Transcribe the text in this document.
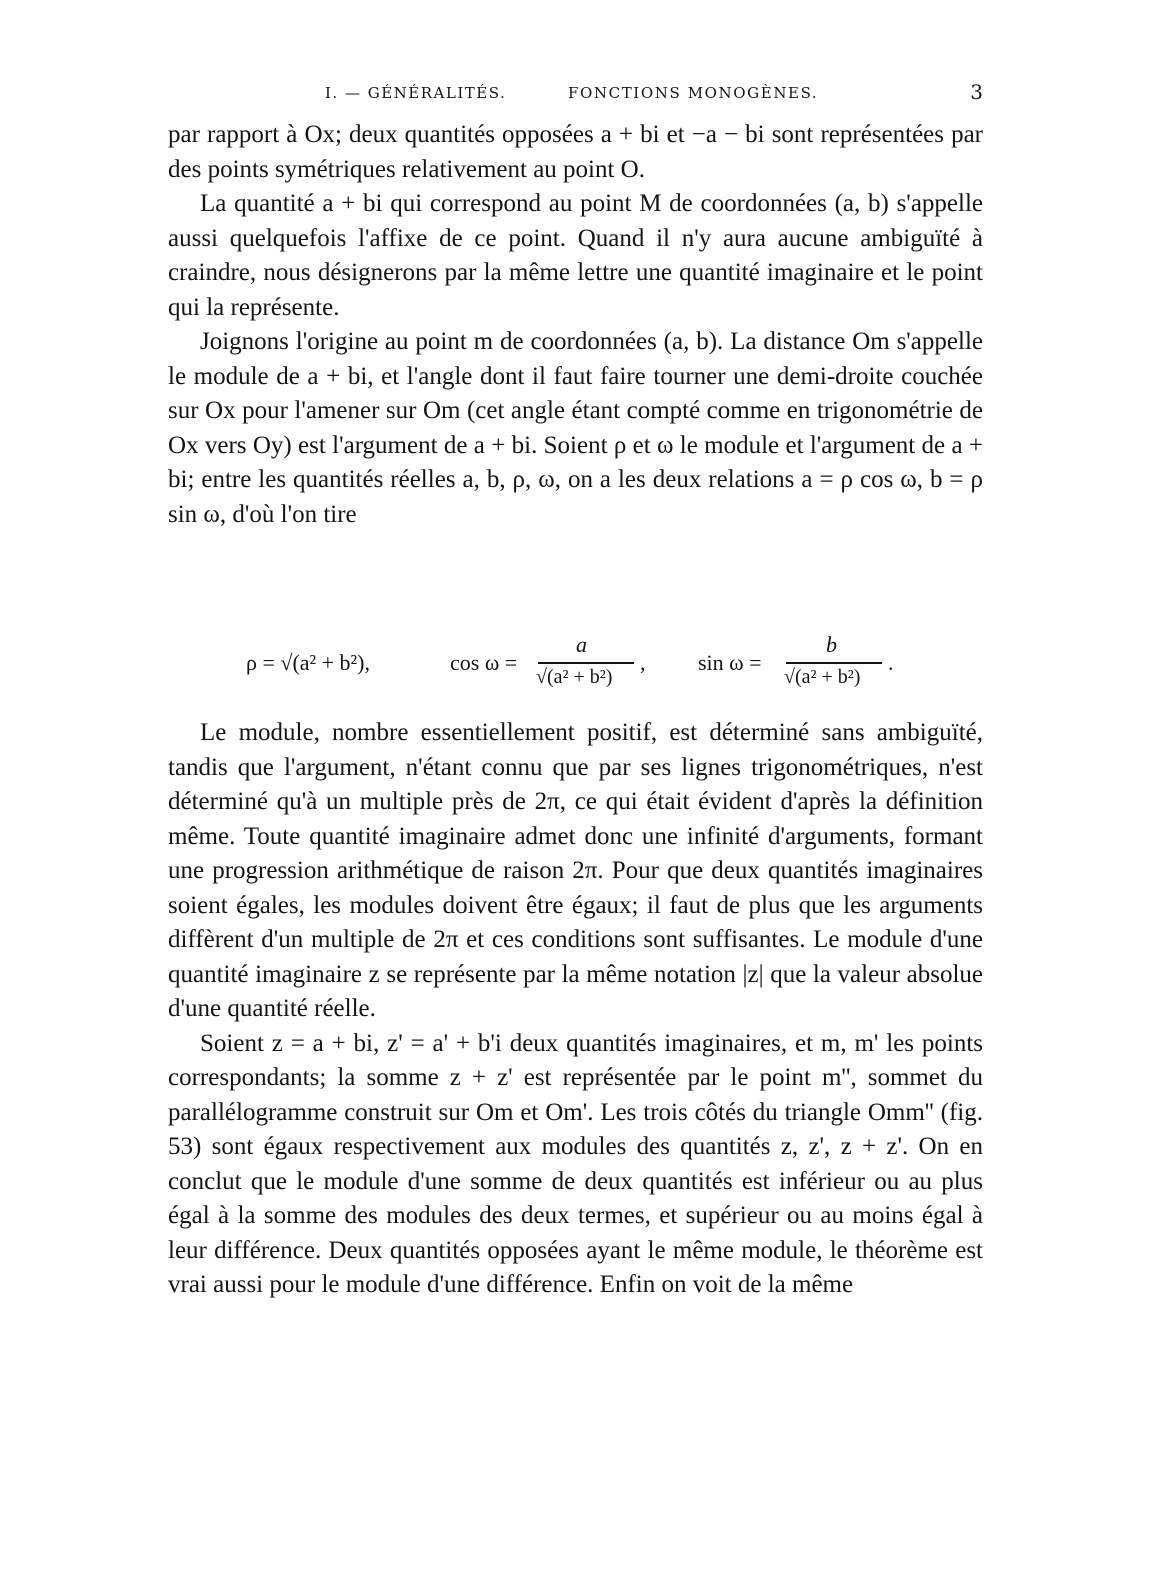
I. — GÉNÉRALITÉS.	FONCTIONS MONOGÈNES.	3

par rapport à Ox; deux quantités opposées a + bi et −a − bi sont représentées par des points symétriques relativement au point O.

La quantité a + bi qui correspond au point M de coordonnées (a, b) s'appelle aussi quelquefois l'affixe de ce point. Quand il n'y aura aucune ambiguïté à craindre, nous désignerons par la même lettre une quantité imaginaire et le point qui la représente.

Joignons l'origine au point m de coordonnées (a, b). La distance Om s'appelle le module de a + bi, et l'angle dont il faut faire tourner une demi-droite couchée sur Ox pour l'amener sur Om (cet angle étant compté comme en trigonométrie de Ox vers Oy) est l'argument de a + bi. Soient ρ et ω le module et l'argument de a + bi; entre les quantités réelles a, b, ρ, ω, on a les deux relations a = ρ cos ω, b = ρ sin ω, d'où l'on tire

ρ = √(a² + b²),	cos ω =
a
√(a² + b²)
, sin ω =
b
√(a² + b²)
.

Le module, nombre essentiellement positif, est déterminé sans ambiguïté, tandis que l'argument, n'étant connu que par ses lignes trigonométriques, n'est déterminé qu'à un multiple près de 2π, ce qui était évident d'après la définition même. Toute quantité imaginaire admet donc une infinité d'arguments, formant une progression arithmétique de raison 2π. Pour que deux quantités imaginaires soient égales, les modules doivent être égaux; il faut de plus que les arguments diffèrent d'un multiple de 2π et ces conditions sont suffisantes. Le module d'une quantité imaginaire z se représente par la même notation |z| que la valeur absolue d'une quantité réelle.

Soient z = a + bi, z' = a' + b'i deux quantités imaginaires, et m, m' les points correspondants; la somme z + z' est représentée par le point m'', sommet du parallélogramme construit sur Om et Om'. Les trois côtés du triangle Omm'' (fig. 53) sont égaux respectivement aux modules des quantités z, z', z + z'. On en conclut que le module d'une somme de deux quantités est inférieur ou au plus égal à la somme des modules des deux termes, et supérieur ou au moins égal à leur différence. Deux quantités opposées ayant le même module, le théorème est vrai aussi pour le module d'une différence. Enfin on voit de la même
